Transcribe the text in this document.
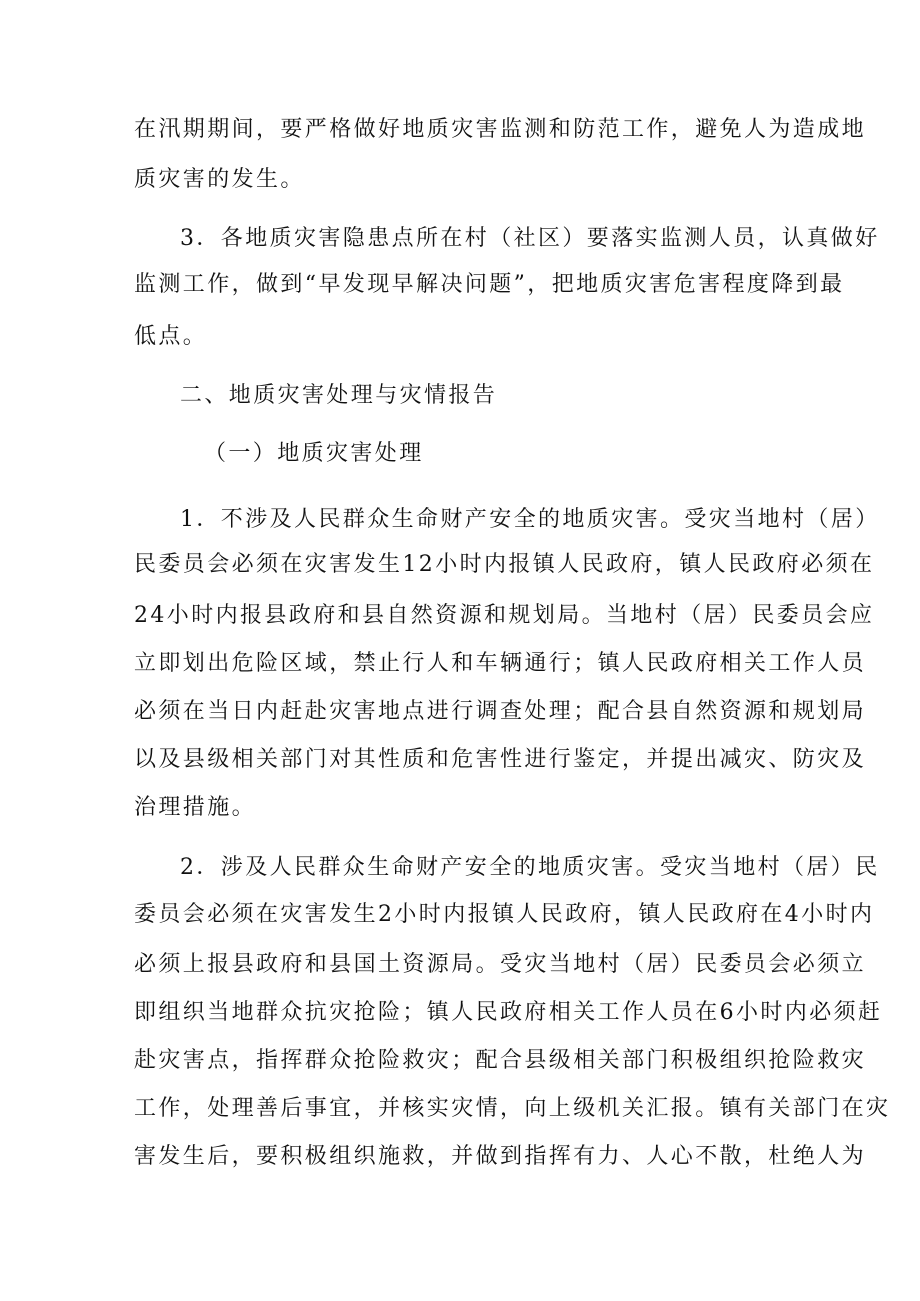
在汛期期间，要严格做好地质灾害监测和防范工作，避免人为造成地
质灾害的发生。
3．各地质灾害隐患点所在村（社区）要落实监测人员，认真做好
监测工作，做到“早发现早解决问题”，把地质灾害危害程度降到最
低点。
二、地质灾害处理与灾情报告
（一）地质灾害处理
1．不涉及人民群众生命财产安全的地质灾害。受灾当地村（居）
民委员会必须在灾害发生12小时内报镇人民政府，镇人民政府必须在
24小时内报县政府和县自然资源和规划局。当地村（居）民委员会应
立即划出危险区域，禁止行人和车辆通行；镇人民政府相关工作人员
必须在当日内赶赴灾害地点进行调查处理；配合县自然资源和规划局
以及县级相关部门对其性质和危害性进行鉴定，并提出减灾、防灾及
治理措施。
2．涉及人民群众生命财产安全的地质灾害。受灾当地村（居）民
委员会必须在灾害发生2小时内报镇人民政府，镇人民政府在4小时内
必须上报县政府和县国土资源局。受灾当地村（居）民委员会必须立
即组织当地群众抗灾抢险；镇人民政府相关工作人员在6小时内必须赶
赴灾害点，指挥群众抢险救灾；配合县级相关部门积极组织抢险救灾
工作，处理善后事宜，并核实灾情，向上级机关汇报。镇有关部门在灾
害发生后，要积极组织施救，并做到指挥有力、人心不散，杜绝人为
